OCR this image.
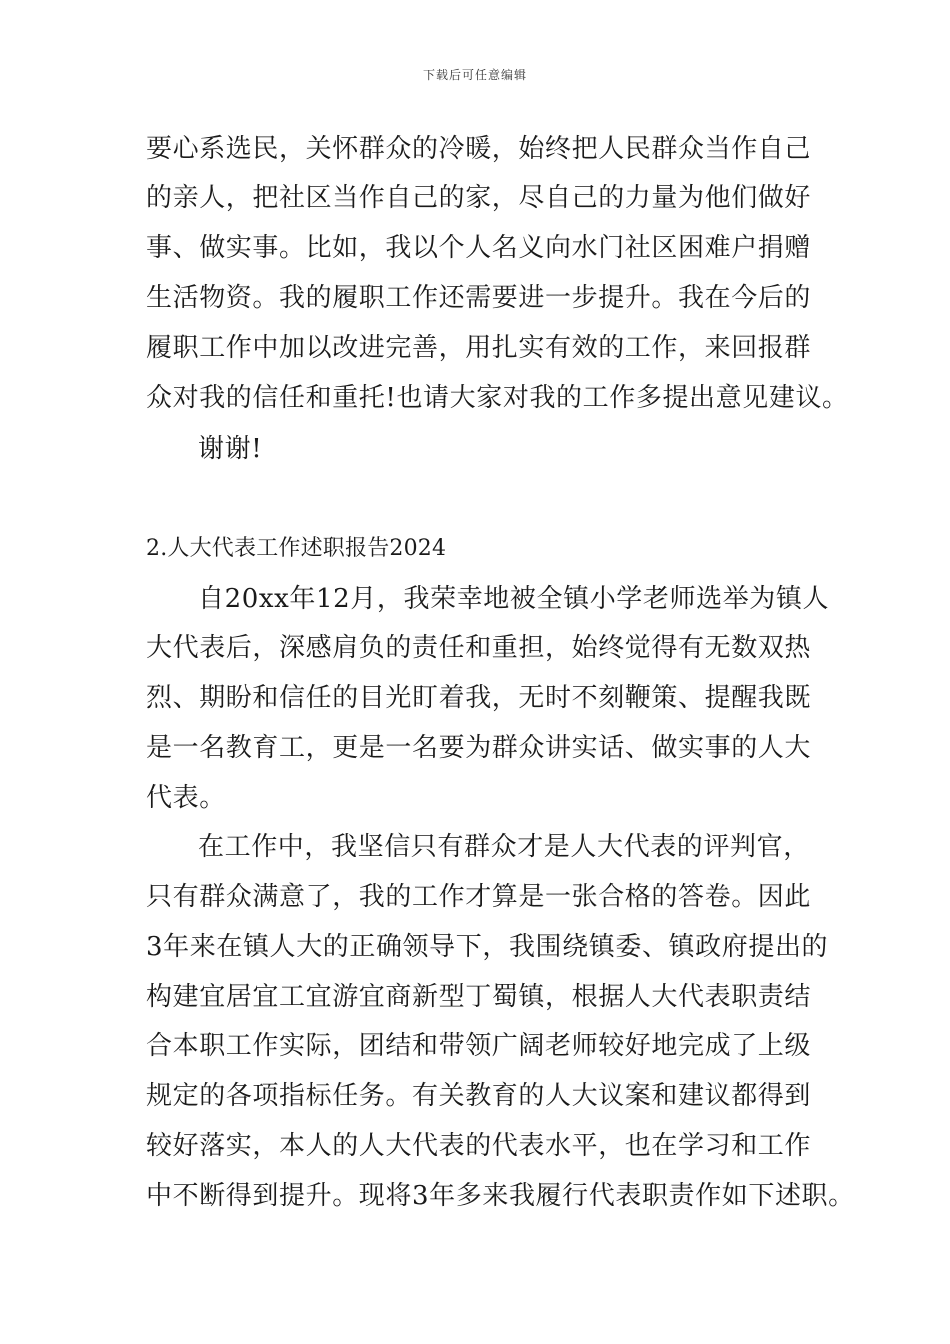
下载后可任意编辑
要心系选民，关怀群众的冷暖，始终把人民群众当作自己
的亲人，把社区当作自己的家，尽自己的力量为他们做好
事、做实事。比如，我以个人名义向水门社区困难户捐赠
生活物资。我的履职工作还需要进一步提升。我在今后的
履职工作中加以改进完善，用扎实有效的工作，来回报群
众对我的信任和重托!也请大家对我的工作多提出意见建议。
谢谢!
2.人大代表工作述职报告2024
自20xx年12月，我荣幸地被全镇小学老师选举为镇人
大代表后，深感肩负的责任和重担，始终觉得有无数双热
烈、期盼和信任的目光盯着我，无时不刻鞭策、提醒我既
是一名教育工，更是一名要为群众讲实话、做实事的人大
代表。
在工作中，我坚信只有群众才是人大代表的评判官，
只有群众满意了，我的工作才算是一张合格的答卷。因此
3年来在镇人大的正确领导下，我围绕镇委、镇政府提出的
构建宜居宜工宜游宜商新型丁蜀镇，根据人大代表职责结
合本职工作实际，团结和带领广阔老师较好地完成了上级
规定的各项指标任务。有关教育的人大议案和建议都得到
较好落实，本人的人大代表的代表水平，也在学习和工作
中不断得到提升。现将3年多来我履行代表职责作如下述职。
